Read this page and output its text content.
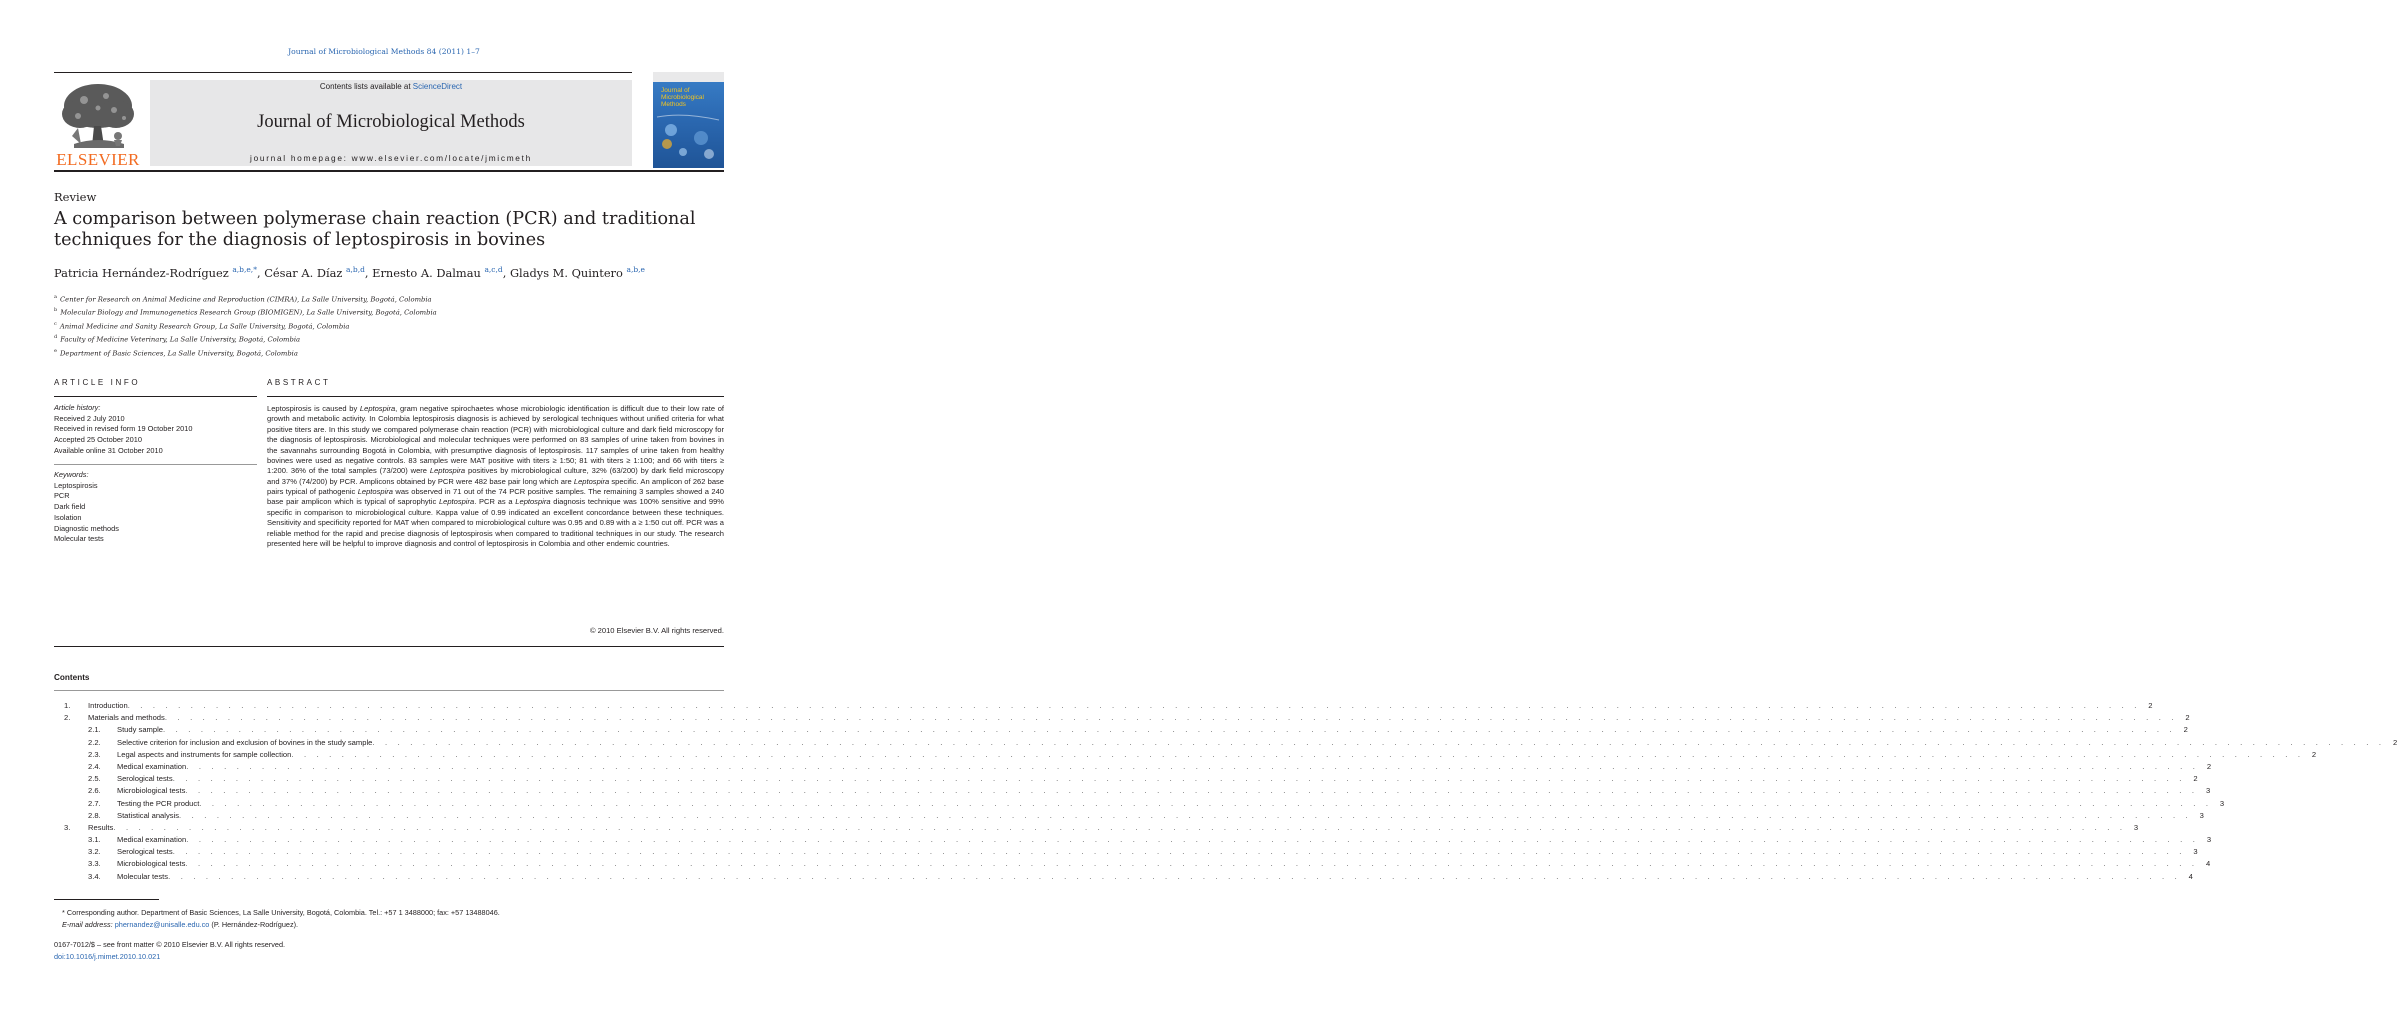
Journal of Microbiological Methods 84 (2011) 1–7
ELSEVIER
Contents lists available at ScienceDirect
Journal of Microbiological Methods
journal homepage: www.elsevier.com/locate/jmicmeth
Journal of Microbiological Methods
Review
A comparison between polymerase chain reaction (PCR) and traditional techniques for the diagnosis of leptospirosis in bovines
Patricia Hernández-Rodríguez $^{a,b,e,*}$, César A. Díaz $^{a,b,d}$, Ernesto A. Dalmau $^{a,c,d}$, Gladys M. Quintero $^{a,b,e}$
$^a$ Center for Research on Animal Medicine and Reproduction (CIMRA), La Salle University, Bogotá, Colombia
$^b$ Molecular Biology and Immunogenetics Research Group (BIOMIGEN), La Salle University, Bogotá, Colombia
$^c$ Animal Medicine and Sanity Research Group, La Salle University, Bogotá, Colombia
$^d$ Faculty of Medicine Veterinary, La Salle University, Bogotá, Colombia
$^e$ Department of Basic Sciences, La Salle University, Bogotá, Colombia
ARTICLE INFO	ABSTRACT
Article history:
Received 2 July 2010
Received in revised form 19 October 2010
Accepted 25 October 2010
Available online 31 October 2010
Keywords:
Leptospirosis
PCR
Dark field
Isolation
Diagnostic methods
Molecular tests
Leptospirosis is caused by Leptospira, gram negative spirochaetes whose microbiologic identification is difficult due to their low rate of growth and metabolic activity. In Colombia leptospirosis diagnosis is achieved by serological techniques without unified criteria for what positive titers are. In this study we compared polymerase chain reaction (PCR) with microbiological culture and dark field microscopy for the diagnosis of leptospirosis. Microbiological and molecular techniques were performed on 83 samples of urine taken from bovines in the savannahs surrounding Bogotá in Colombia, with presumptive diagnosis of leptospirosis. 117 samples of urine taken from healthy bovines were used as negative controls. 83 samples were MAT positive with titers ≥ 1:50; 81 with titers ≥ 1:100; and 66 with titers ≥ 1:200. 36% of the total samples (73/200) were Leptospira positives by microbiological culture, 32% (63/200) by dark field microscopy and 37% (74/200) by PCR. Amplicons obtained by PCR were 482 base pair long which are Leptospira specific. An amplicon of 262 base pairs typical of pathogenic Leptospira was observed in 71 out of the 74 PCR positive samples. The remaining 3 samples showed a 240 base pair amplicon which is typical of saprophytic Leptospira. PCR as a Leptospira diagnosis technique was 100% sensitive and 99% specific in comparison to microbiological culture. Kappa value of 0.99 indicated an excellent concordance between these techniques. Sensitivity and specificity reported for MAT when compared to microbiological culture was 0.95 and 0.89 with a ≥ 1:50 cut off. PCR was a reliable method for the rapid and precise diagnosis of leptospirosis when compared to traditional techniques in our study. The research presented here will be helpful to improve diagnosis and control of leptospirosis in Colombia and other endemic countries.
© 2010 Elsevier B.V. All rights reserved.
Contents
1. Introduction . . . . . . . . . . . . . . . . . . . . . . . . . . . . . . . . . . . . . . . . . . . . . . . . . . . . . . . . . . . . . . . . . . . . . . . . . . . . . . . . . . . . . . . . . . . . . . . . . . . . . . . . . . . . . . . . . . . . . . . . . . . . . . . . . . . . . . . . . . . . . . . . . . . . . . . . . . . . . . . .	2
2. Materials and methods . . . . . . . . . . . . . . . . . . . . . . . . . . . . . . . . . . . . . . . . . . . . . . . . . . . . . . . . . . . . . . . . . . . . . . . . . . . . . . . . . . . . . . . . . . . . . . . . . . . . . . . . . . . . . . . . . . . . . . . . . . . . . . . . . . . . . . . . . . . . . . . . . . . . . . . . . . . . . . . .	2
2.1. Study sample . . . . . . . . . . . . . . . . . . . . . . . . . . . . . . . . . . . . . . . . . . . . . . . . . . . . . . . . . . . . . . . . . . . . . . . . . . . . . . . . . . . . . . . . . . . . . . . . . . . . . . . . . . . . . . . . . . . . . . . . . . . . . . . . . . . . . . . . . . . . . . . . . . . . . . . . . . . . . . . .	2
2.2. Selective criterion for inclusion and exclusion of bovines in the study sample . . . . . . . . . . . . . . . . . . . . . . . . . . . . . . . . . . . . . . . . . . . . . . . . . . . . . . . . . . . . . . . . . . . . . . . . . . . . . . . . . . . . . . . . . . . . . . . . . . . . . . . . . . . . . . . . . . . . . . . . . . . . . . . . . . . . . . . . . . . . . . . . . . . . . . . . . . . . . . . .	2
2.3. Legal aspects and instruments for sample collection . . . . . . . . . . . . . . . . . . . . . . . . . . . . . . . . . . . . . . . . . . . . . . . . . . . . . . . . . . . . . . . . . . . . . . . . . . . . . . . . . . . . . . . . . . . . . . . . . . . . . . . . . . . . . . . . . . . . . . . . . . . . . . . . . . . . . . . . . . . . . . . . . . . . . . . . . . . . . . . .	2
2.4. Medical examination . . . . . . . . . . . . . . . . . . . . . . . . . . . . . . . . . . . . . . . . . . . . . . . . . . . . . . . . . . . . . . . . . . . . . . . . . . . . . . . . . . . . . . . . . . . . . . . . . . . . . . . . . . . . . . . . . . . . . . . . . . . . . . . . . . . . . . . . . . . . . . . . . . . . . . . . . . . . . . . .	2
2.5. Serological tests . . . . . . . . . . . . . . . . . . . . . . . . . . . . . . . . . . . . . . . . . . . . . . . . . . . . . . . . . . . . . . . . . . . . . . . . . . . . . . . . . . . . . . . . . . . . . . . . . . . . . . . . . . . . . . . . . . . . . . . . . . . . . . . . . . . . . . . . . . . . . . . . . . . . . . . . . . . . . . . .	2
2.6. Microbiological tests . . . . . . . . . . . . . . . . . . . . . . . . . . . . . . . . . . . . . . . . . . . . . . . . . . . . . . . . . . . . . . . . . . . . . . . . . . . . . . . . . . . . . . . . . . . . . . . . . . . . . . . . . . . . . . . . . . . . . . . . . . . . . . . . . . . . . . . . . . . . . . . . . . . . . . . . . . . . . . . .	3
2.7. Testing the PCR product . . . . . . . . . . . . . . . . . . . . . . . . . . . . . . . . . . . . . . . . . . . . . . . . . . . . . . . . . . . . . . . . . . . . . . . . . . . . . . . . . . . . . . . . . . . . . . . . . . . . . . . . . . . . . . . . . . . . . . . . . . . . . . . . . . . . . . . . . . . . . . . . . . . . . . . . . . . . . . . .	3
2.8. Statistical analysis . . . . . . . . . . . . . . . . . . . . . . . . . . . . . . . . . . . . . . . . . . . . . . . . . . . . . . . . . . . . . . . . . . . . . . . . . . . . . . . . . . . . . . . . . . . . . . . . . . . . . . . . . . . . . . . . . . . . . . . . . . . . . . . . . . . . . . . . . . . . . . . . . . . . . . . . . . . . . . . .	3
3. Results . . . . . . . . . . . . . . . . . . . . . . . . . . . . . . . . . . . . . . . . . . . . . . . . . . . . . . . . . . . . . . . . . . . . . . . . . . . . . . . . . . . . . . . . . . . . . . . . . . . . . . . . . . . . . . . . . . . . . . . . . . . . . . . . . . . . . . . . . . . . . . . . . . . . . . . . . . . . . . . .	3
3.1. Medical examination . . . . . . . . . . . . . . . . . . . . . . . . . . . . . . . . . . . . . . . . . . . . . . . . . . . . . . . . . . . . . . . . . . . . . . . . . . . . . . . . . . . . . . . . . . . . . . . . . . . . . . . . . . . . . . . . . . . . . . . . . . . . . . . . . . . . . . . . . . . . . . . . . . . . . . . . . . . . . . . .	3
3.2. Serological tests . . . . . . . . . . . . . . . . . . . . . . . . . . . . . . . . . . . . . . . . . . . . . . . . . . . . . . . . . . . . . . . . . . . . . . . . . . . . . . . . . . . . . . . . . . . . . . . . . . . . . . . . . . . . . . . . . . . . . . . . . . . . . . . . . . . . . . . . . . . . . . . . . . . . . . . . . . . . . . . .	3
3.3. Microbiological tests . . . . . . . . . . . . . . . . . . . . . . . . . . . . . . . . . . . . . . . . . . . . . . . . . . . . . . . . . . . . . . . . . . . . . . . . . . . . . . . . . . . . . . . . . . . . . . . . . . . . . . . . . . . . . . . . . . . . . . . . . . . . . . . . . . . . . . . . . . . . . . . . . . . . . . . . . . . . . . . .	4
3.4. Molecular tests . . . . . . . . . . . . . . . . . . . . . . . . . . . . . . . . . . . . . . . . . . . . . . . . . . . . . . . . . . . . . . . . . . . . . . . . . . . . . . . . . . . . . . . . . . . . . . . . . . . . . . . . . . . . . . . . . . . . . . . . . . . . . . . . . . . . . . . . . . . . . . . . . . . . . . . . . . . . . . . .	4
* Corresponding author. Department of Basic Sciences, La Salle University, Bogotá, Colombia. Tel.: +57 1 3488000; fax: +57 13488046.
E-mail address: phernandez@unisalle.edu.co (P. Hernández-Rodríguez).
0167-7012/$ – see front matter © 2010 Elsevier B.V. All rights reserved.
doi:10.1016/j.mimet.2010.10.021
